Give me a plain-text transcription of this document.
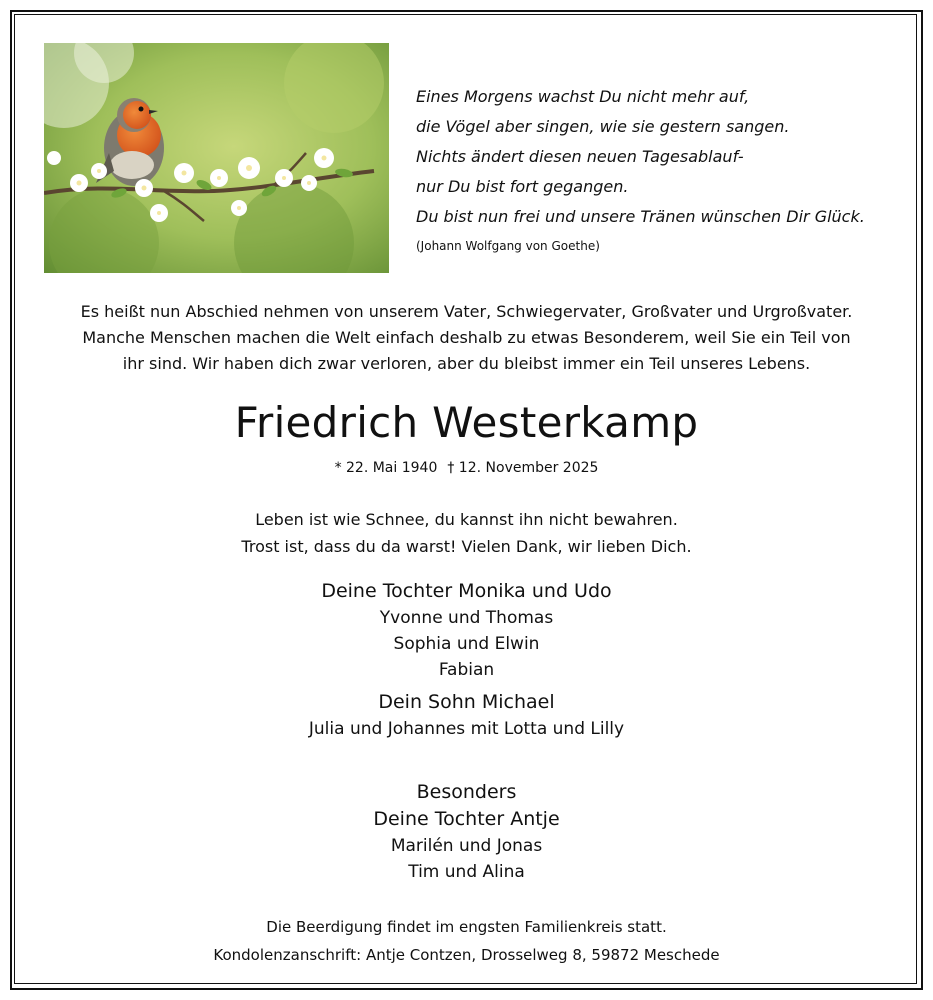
Eines Morgens wachst Du nicht mehr auf,
die Vögel aber singen, wie sie gestern sangen.
Nichts ändert diesen neuen Tagesablauf-
nur Du bist fort gegangen.
Du bist nun frei und unsere Tränen wünschen Dir Glück.
(Johann Wolfgang von Goethe)
Es heißt nun Abschied nehmen von unserem Vater, Schwiegervater, Großvater und Urgroßvater.
Manche Menschen machen die Welt einfach deshalb zu etwas Besonderem, weil Sie ein Teil von
ihr sind. Wir haben dich zwar verloren, aber du bleibst immer ein Teil unseres Lebens.
Friedrich Westerkamp
* 22. Mai 1940 † 12. November 2025
Leben ist wie Schnee, du kannst ihn nicht bewahren.
Trost ist, dass du da warst! Vielen Dank, wir lieben Dich.
Deine Tochter Monika und Udo
Yvonne und Thomas
Sophia und Elwin
Fabian
Dein Sohn Michael
Julia und Johannes mit Lotta und Lilly
Besonders
Deine Tochter Antje
Marilén und Jonas
Tim und Alina
Die Beerdigung findet im engsten Familienkreis statt.
Kondolenzanschrift: Antje Contzen, Drosselweg 8, 59872 Meschede
